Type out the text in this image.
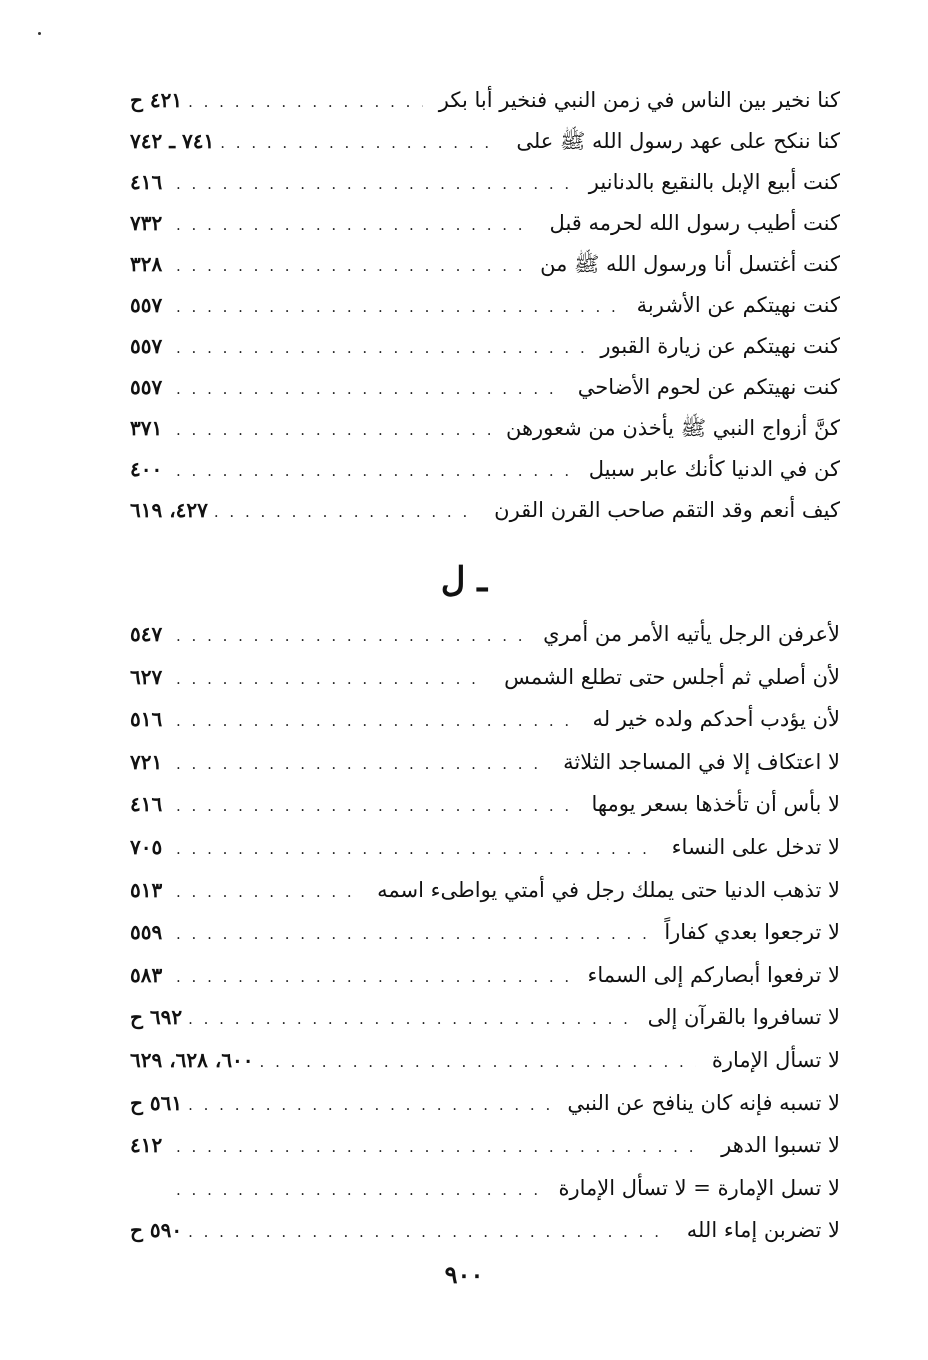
كنا نخير بين الناس في زمن النبي فنخير أبا بكر
. . .
٤٢١ ح
كنا ننكح على عهد رسول الله ﷺ على
. . .
٧٤١ ـ ٧٤٢
كنت أبيع الإبل بالنقيع بالدنانير
. . .
٤١٦
كنت أطيب رسول الله لحرمه قبل
. . .
٧٣٢
كنت أغتسل أنا ورسول الله ﷺ من
. . .
٣٢٨
كنت نهيتكم عن الأشربة
. . .
٥٥٧
كنت نهيتكم عن زيارة القبور
. . .
٥٥٧
كنت نهيتكم عن لحوم الأضاحي
. . .
٥٥٧
كنَّ أزواج النبي ﷺ يأخذن من شعورهن
. . .
٣٧١
كن في الدنيا كأنك عابر سبيل
. . .
٤٠٠
كيف أنعم وقد التقم صاحب القرن القرن
. . .
٤٢٧، ٦١٩
ـ ل
لأعرفن الرجل يأتيه الأمر من أمري
. . .
٥٤٧
لأن أصلي ثم أجلس حتى تطلع الشمس
. . .
٦٢٧
لأن يؤدب أحدكم ولده خير له
. . .
٥١٦
لا اعتكاف إلا في المساجد الثلاثة
. . .
٧٢١
لا بأس أن تأخذها بسعر يومها
. . .
٤١٦
لا تدخل على النساء
. . .
٧٠٥
لا تذهب الدنيا حتى يملك رجل في أمتي يواطىء اسمه
. . .
٥١٣
لا ترجعوا بعدي كفاراً
. . .
٥٥٩
لا ترفعوا أبصاركم إلى السماء
. . .
٥٨٣
لا تسافروا بالقرآن إلى
. . .
٦٩٢ ح
لا تسأل الإمارة
. . .
٦٠٠، ٦٢٨، ٦٢٩
لا تسبه فإنه كان ينافح عن النبي
. . .
٥٦١ ح
لا تسبوا الدهر
. . .
٤١٢
لا تسل الإمارة = لا تسأل الإمارة
. . .
لا تضربن إماء الله
. . .
٥٩٠ ح
٩٠٠
